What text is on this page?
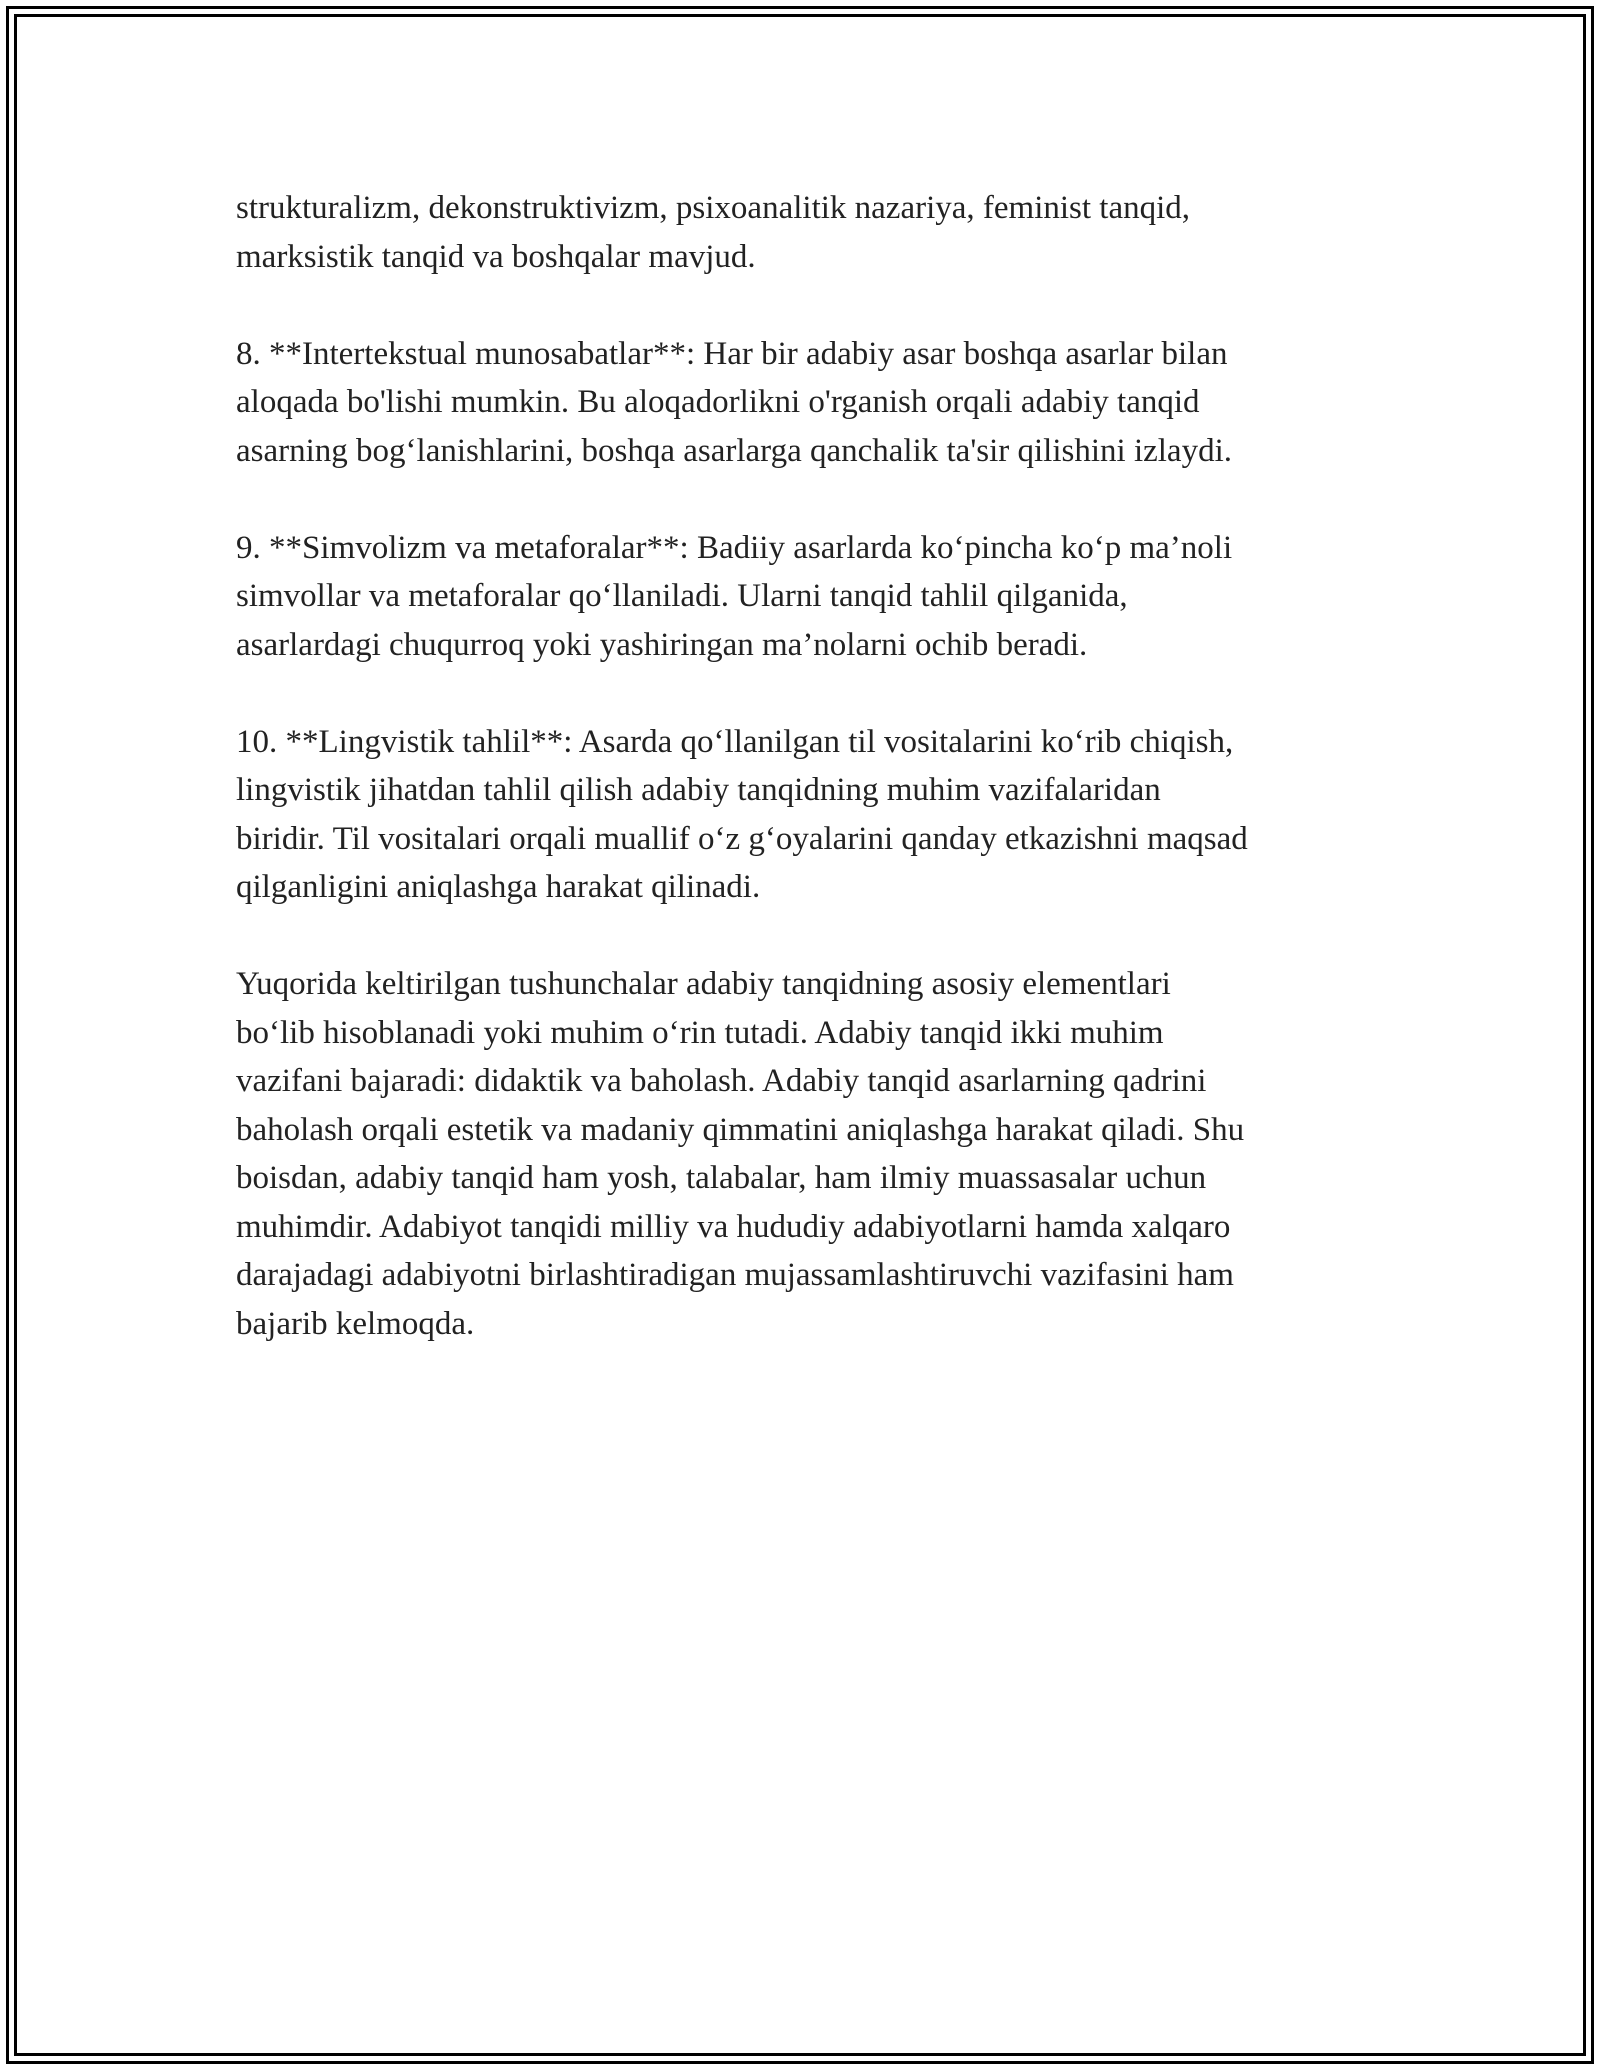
strukturalizm, dekonstruktivizm, psixoanalitik nazariya, feminist tanqid,
marksistik tanqid va boshqalar mavjud.
8. **Intertekstual munosabatlar**: Har bir adabiy asar boshqa asarlar bilan
aloqada bo'lishi mumkin. Bu aloqadorlikni o'rganish orqali adabiy tanqid
asarning bog‘lanishlarini, boshqa asarlarga qanchalik ta'sir qilishini izlaydi.
9. **Simvolizm va metaforalar**: Badiiy asarlarda ko‘pincha ko‘p ma’noli
simvollar va metaforalar qo‘llaniladi. Ularni tanqid tahlil qilganida,
asarlardagi chuqurroq yoki yashiringan ma’nolarni ochib beradi.
10. **Lingvistik tahlil**: Asarda qo‘llanilgan til vositalarini ko‘rib chiqish,
lingvistik jihatdan tahlil qilish adabiy tanqidning muhim vazifalaridan
biridir. Til vositalari orqali muallif o‘z g‘oyalarini qanday etkazishni maqsad
qilganligini aniqlashga harakat qilinadi.
Yuqorida keltirilgan tushunchalar adabiy tanqidning asosiy elementlari
bo‘lib hisoblanadi yoki muhim o‘rin tutadi. Adabiy tanqid ikki muhim
vazifani bajaradi: didaktik va baholash. Adabiy tanqid asarlarning qadrini
baholash orqali estetik va madaniy qimmatini aniqlashga harakat qiladi. Shu
boisdan, adabiy tanqid ham yosh, talabalar, ham ilmiy muassasalar uchun
muhimdir. Adabiyot tanqidi milliy va hududiy adabiyotlarni hamda xalqaro
darajadagi adabiyotni birlashtiradigan mujassamlashtiruvchi vazifasini ham
bajarib kelmoqda.
